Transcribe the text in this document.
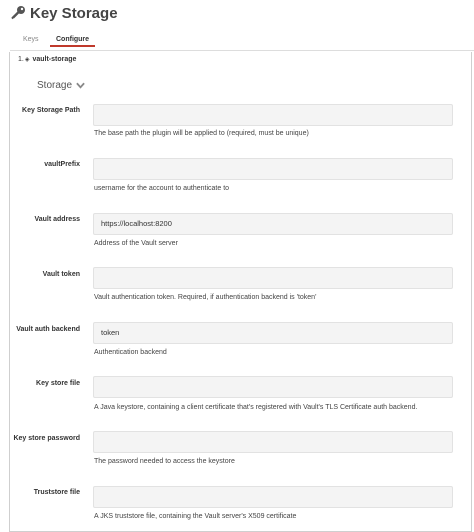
Key Storage
Keys Configure
1. ◈ vault-storage
Storage
Key Storage Path
The base path the plugin will be applied to (required, must be unique)
vaultPrefix
username for the account to authenticate to
Vault address	https://localhost:8200
Address of the Vault server
Vault token
Vault authentication token. Required, if authentication backend is 'token'
Vault auth backend	token
Authentication backend
Key store file
A Java keystore, containing a client certificate that's registered with Vault's TLS Certificate auth backend.
Key store password
The password needed to access the keystore
Truststore file
A JKS truststore file, containing the Vault server's X509 certificate
